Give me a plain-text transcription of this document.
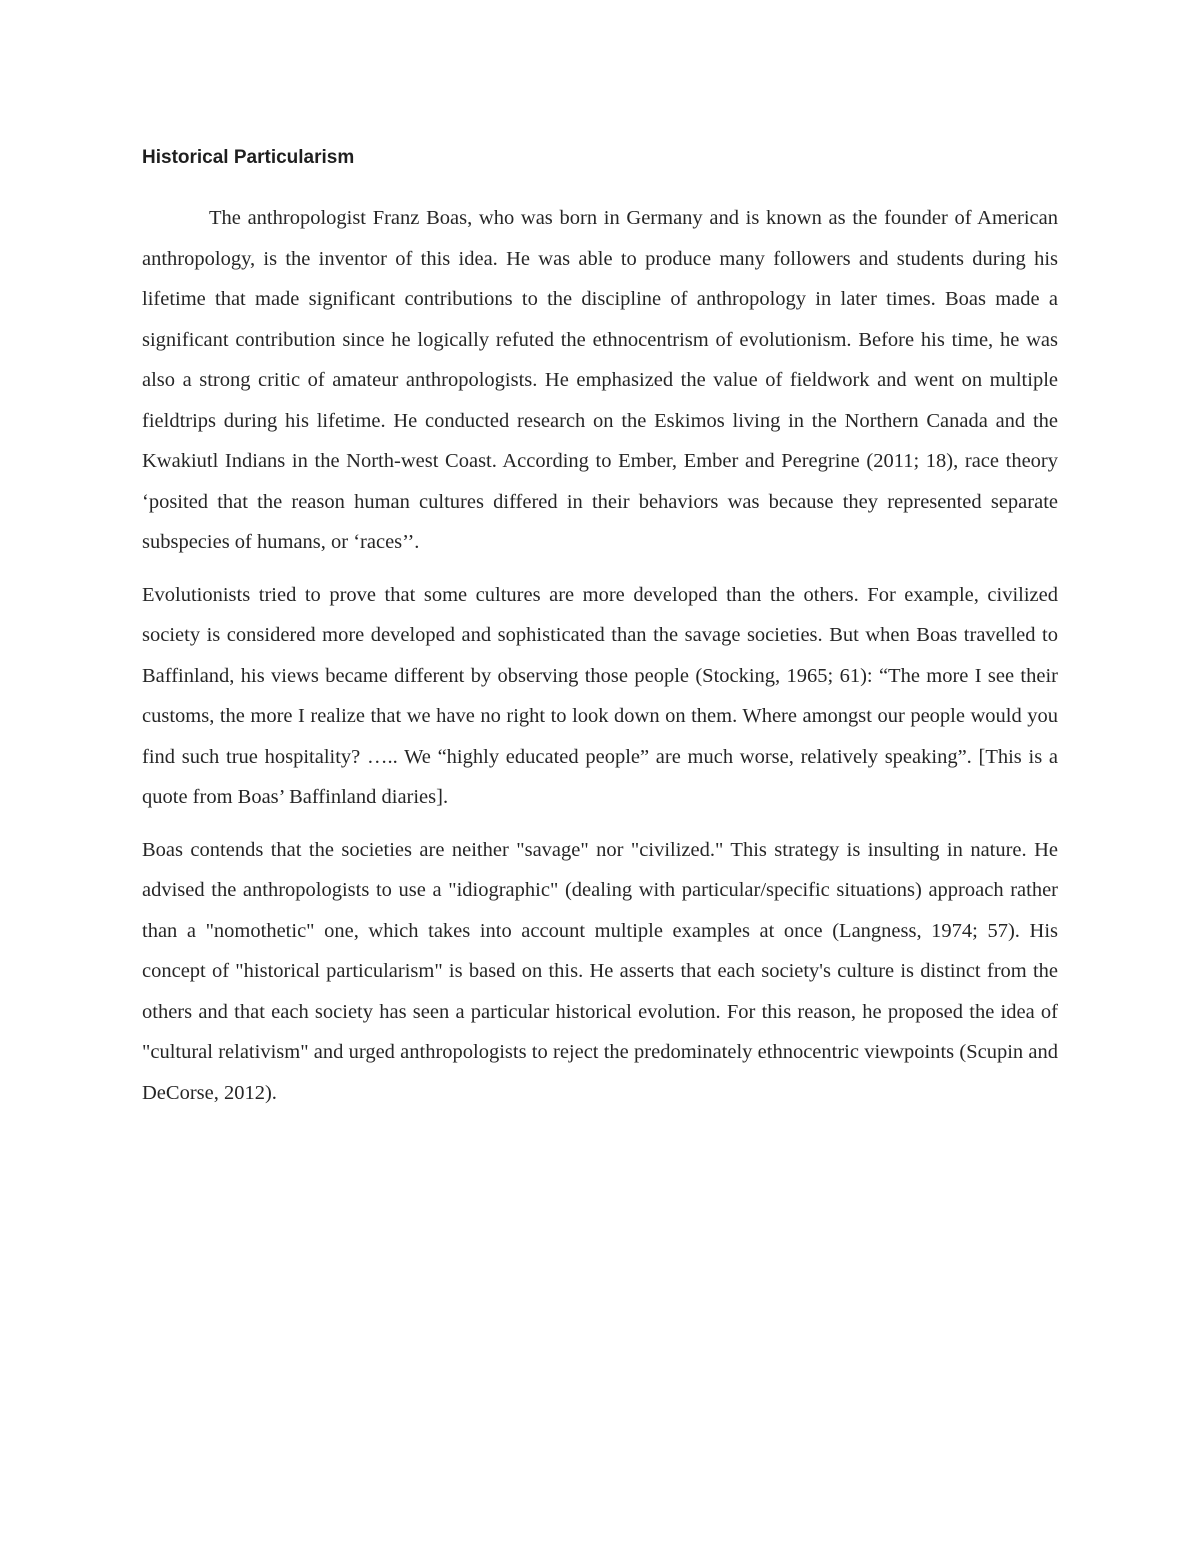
Historical Particularism

The anthropologist Franz Boas, who was born in Germany and is known as the founder of American anthropology, is the inventor of this idea. He was able to produce many followers and students during his lifetime that made significant contributions to the discipline of anthropology in later times. Boas made a significant contribution since he logically refuted the ethnocentrism of evolutionism. Before his time, he was also a strong critic of amateur anthropologists. He emphasized the value of fieldwork and went on multiple fieldtrips during his lifetime. He conducted research on the Eskimos living in the Northern Canada and the Kwakiutl Indians in the North-west Coast. According to Ember, Ember and Peregrine (2011; 18), race theory ‘posited that the reason human cultures differed in their behaviors was because they represented separate subspecies of humans, or ‘races’’.

Evolutionists tried to prove that some cultures are more developed than the others. For example, civilized society is considered more developed and sophisticated than the savage societies. But when Boas travelled to Baffinland, his views became different by observing those people (Stocking, 1965; 61): “The more I see their customs, the more I realize that we have no right to look down on them. Where amongst our people would you find such true hospitality? ….. We “highly educated people” are much worse, relatively speaking”. [This is a quote from Boas’ Baffinland diaries].

Boas contends that the societies are neither "savage" nor "civilized." This strategy is insulting in nature. He advised the anthropologists to use a "idiographic" (dealing with particular/specific situations) approach rather than a "nomothetic" one, which takes into account multiple examples at once (Langness, 1974; 57). His concept of "historical particularism" is based on this. He asserts that each society's culture is distinct from the others and that each society has seen a particular historical evolution. For this reason, he proposed the idea of "cultural relativism" and urged anthropologists to reject the predominately ethnocentric viewpoints (Scupin and DeCorse, 2012).
